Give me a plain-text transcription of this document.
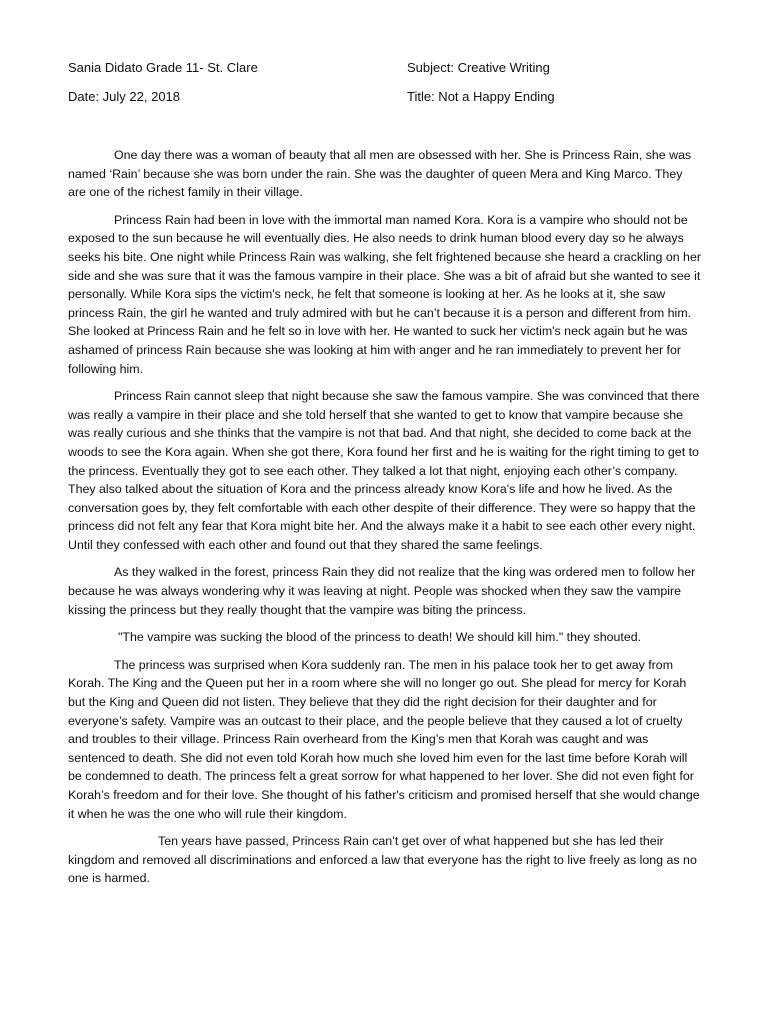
Sania Didato Grade 11- St. Clare	Subject: Creative Writing
Date: July 22, 2018	Title: Not a Happy Ending

One day there was a woman of beauty that all men are obsessed with her. She is Princess Rain, she was named ‘Rain’ because she was born under the rain. She was the daughter of queen Mera and King Marco. They are one of the richest family in their village.

Princess Rain had been in love with the immortal man named Kora. Kora is a vampire who should not be exposed to the sun because he will eventually dies. He also needs to drink human blood every day so he always seeks his bite. One night while Princess Rain was walking, she felt frightened because she heard a crackling on her side and she was sure that it was the famous vampire in their place. She was a bit of afraid but she wanted to see it personally. While Kora sips the victim's neck, he felt that someone is looking at her. As he looks at it, she saw princess Rain, the girl he wanted and truly admired with but he can’t because it is a person and different from him. She looked at Princess Rain and he felt so in love with her. He wanted to suck her victim's neck again but he was ashamed of princess Rain because she was looking at him with anger and he ran immediately to prevent her for following him.

Princess Rain cannot sleep that night because she saw the famous vampire. She was convinced that there was really a vampire in their place and she told herself that she wanted to get to know that vampire because she was really curious and she thinks that the vampire is not that bad. And that night, she decided to come back at the woods to see the Kora again. When she got there, Kora found her first and he is waiting for the right timing to get to the princess. Eventually they got to see each other. They talked a lot that night, enjoying each other’s company. They also talked about the situation of Kora and the princess already know Kora's life and how he lived. As the conversation goes by, they felt comfortable with each other despite of their difference. They were so happy that the princess did not felt any fear that Kora might bite her. And the always make it a habit to see each other every night. Until they confessed with each other and found out that they shared the same feelings.

As they walked in the forest, princess Rain they did not realize that the king was ordered men to follow her because he was always wondering why it was leaving at night. People was shocked when they saw the vampire kissing the princess but they really thought that the vampire was biting the princess.

"The vampire was sucking the blood of the princess to death! We should kill him." they shouted.

The princess was surprised when Kora suddenly ran. The men in his palace took her to get away from Korah. The King and the Queen put her in a room where she will no longer go out. She plead for mercy for Korah but the King and Queen did not listen. They believe that they did the right decision for their daughter and for everyone’s safety. Vampire was an outcast to their place, and the people believe that they caused a lot of cruelty and troubles to their village. Princess Rain overheard from the King’s men that Korah was caught and was sentenced to death. She did not even told Korah how much she loved him even for the last time before Korah will be condemned to death. The princess felt a great sorrow for what happened to her lover. She did not even fight for Korah’s freedom and for their love. She thought of his father's criticism and promised herself that she would change it when he was the one who will rule their kingdom.

Ten years have passed, Princess Rain can’t get over of what happened but she has led their kingdom and removed all discriminations and enforced a law that everyone has the right to live freely as long as no one is harmed.
